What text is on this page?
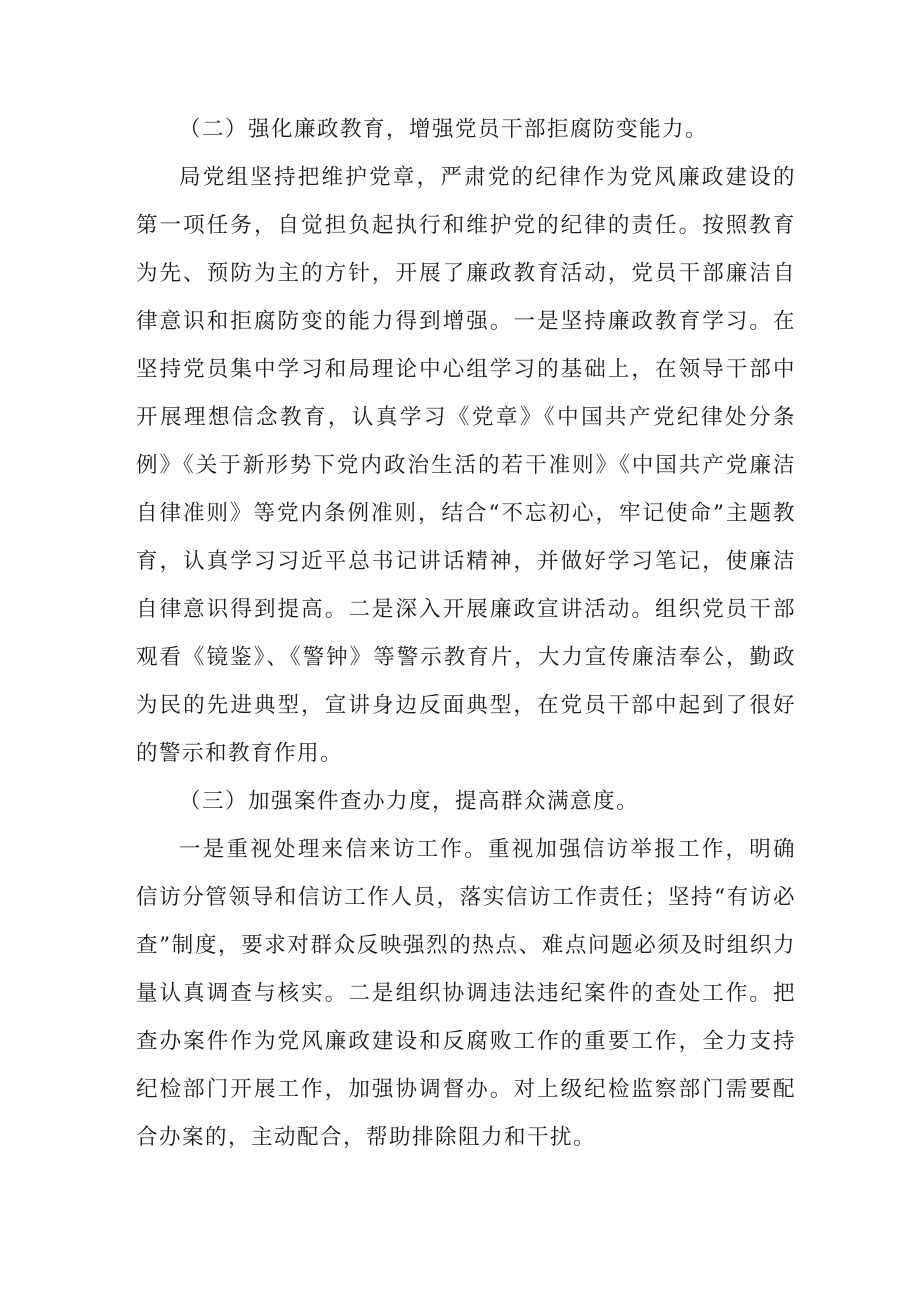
（二）强化廉政教育，增强党员干部拒腐防变能力。

局党组坚持把维护党章，严肃党的纪律作为党风廉政建设的第一项任务，自觉担负起执行和维护党的纪律的责任。按照教育为先、预防为主的方针，开展了廉政教育活动，党员干部廉洁自律意识和拒腐防变的能力得到增强。一是坚持廉政教育学习。在坚持党员集中学习和局理论中心组学习的基础上，在领导干部中开展理想信念教育，认真学习《党章》《中国共产党纪律处分条例》《关于新形势下党内政治生活的若干准则》《中国共产党廉洁自律准则》等党内条例准则，结合“不忘初心，牢记使命”主题教育，认真学习习近平总书记讲话精神，并做好学习笔记，使廉洁自律意识得到提高。二是深入开展廉政宣讲活动。组织党员干部观看《镜鉴》、《警钟》等警示教育片，大力宣传廉洁奉公，勤政为民的先进典型，宣讲身边反面典型，在党员干部中起到了很好的警示和教育作用。

（三）加强案件查办力度，提高群众满意度。

一是重视处理来信来访工作。重视加强信访举报工作，明确信访分管领导和信访工作人员，落实信访工作责任；坚持“有访必查”制度，要求对群众反映强烈的热点、难点问题必须及时组织力量认真调查与核实。二是组织协调违法违纪案件的查处工作。把查办案件作为党风廉政建设和反腐败工作的重要工作，全力支持纪检部门开展工作，加强协调督办。对上级纪检监察部门需要配合办案的，主动配合，帮助排除阻力和干扰。
